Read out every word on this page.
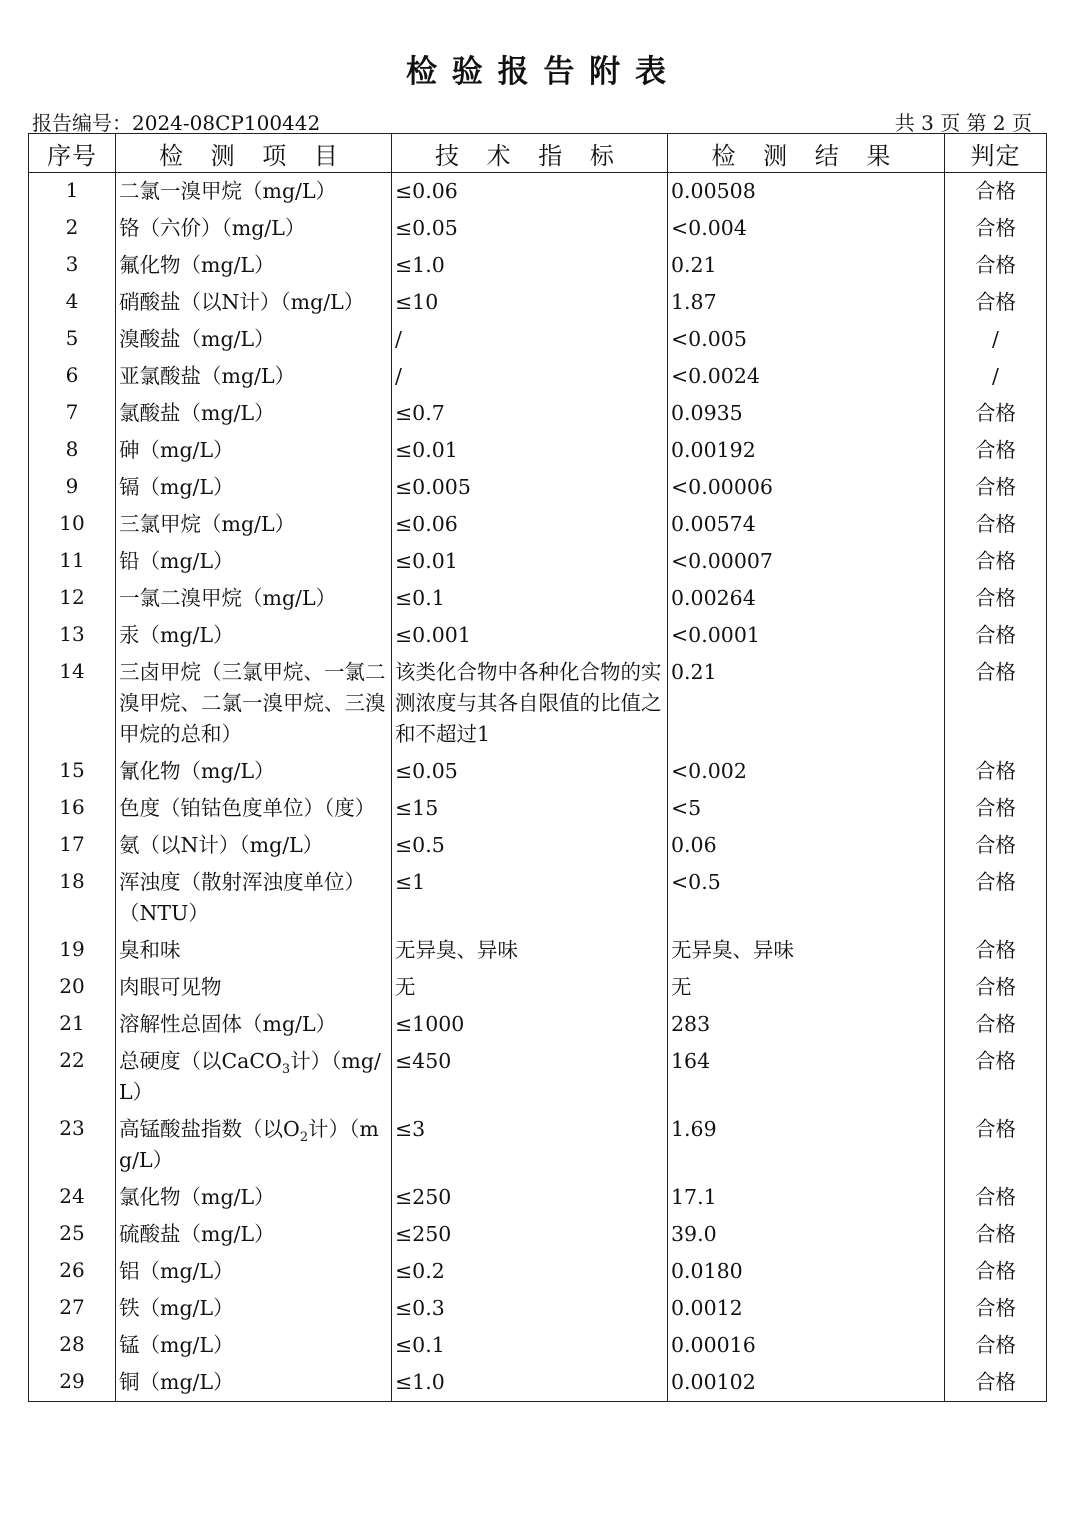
检 验 报 告 附 表
报告编号：2024-08CP100442	共 3 页 第 2 页
序号	检 测 项 目	技 术 指 标	检 测 结 果	判定
1	二氯一溴甲烷（mg/L）	≤0.06	0.00508	合格
2	铬（六价）（mg/L）	≤0.05	<0.004	合格
3	氟化物（mg/L）	≤1.0	0.21	合格
4	硝酸盐（以N计）（mg/L）	≤10	1.87	合格
5	溴酸盐（mg/L）	/	<0.005	/
6	亚氯酸盐（mg/L）	/	<0.0024	/
7	氯酸盐（mg/L）	≤0.7	0.0935	合格
8	砷（mg/L）	≤0.01	0.00192	合格
9	镉（mg/L）	≤0.005	<0.00006	合格
10	三氯甲烷（mg/L）	≤0.06	0.00574	合格
11	铅（mg/L）	≤0.01	<0.00007	合格
12	一氯二溴甲烷（mg/L）	≤0.1	0.00264	合格
13	汞（mg/L）	≤0.001	<0.0001	合格
14	三卤甲烷（三氯甲烷、一氯二溴甲烷、二氯一溴甲烷、三溴甲烷的总和）	该类化合物中各种化合物的实测浓度与其各自限值的比值之和不超过1	0.21	合格
15	氰化物（mg/L）	≤0.05	<0.002	合格
16	色度（铂钴色度单位）（度）	≤15	<5	合格
17	氨（以N计）（mg/L）	≤0.5	0.06	合格
18	浑浊度（散射浑浊度单位）（NTU）	≤1	<0.5	合格
19	臭和味	无异臭、异味	无异臭、异味	合格
20	肉眼可见物	无	无	合格
21	溶解性总固体（mg/L）	≤1000	283	合格
22	总硬度（以CaCO$_3$计）（mg/L）	≤450	164	合格
23	高锰酸盐指数（以$O_2$计）（mg/L）	≤3	1.69	合格
24	氯化物（mg/L）	≤250	17.1	合格
25	硫酸盐（mg/L）	≤250	39.0	合格
26	铝（mg/L）	≤0.2	0.0180	合格
27	铁（mg/L）	≤0.3	0.0012	合格
28	锰（mg/L）	≤0.1	0.00016	合格
29	铜（mg/L）	≤1.0	0.00102	合格
